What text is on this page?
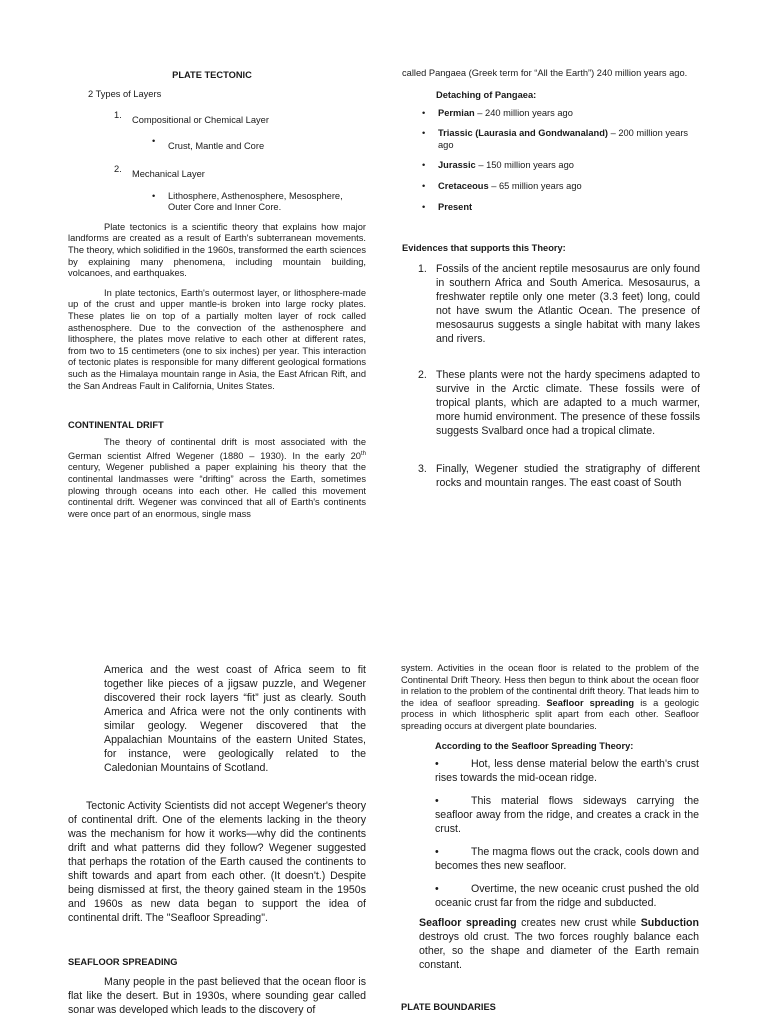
PLATE TECTONIC

2 Types of Layers

1. Compositional or Chemical Layer
• Crust, Mantle and Core
2. Mechanical Layer
• Lithosphere, Asthenosphere, Mesosphere, Outer Core and Inner Core.

Plate tectonics is a scientific theory that explains how major landforms are created as a result of Earth's subterranean movements. The theory, which solidified in the 1960s, transformed the earth sciences by explaining many phenomena, including mountain building, volcanoes, and earthquakes.

In plate tectonics, Earth's outermost layer, or lithosphere-made up of the crust and upper mantle-is broken into large rocky plates. These plates lie on top of a partially molten layer of rock called asthenosphere. Due to the convection of the asthenosphere and lithosphere, the plates move relative to each other at different rates, from two to 15 centimeters (one to six inches) per year. This interaction of tectonic plates is responsible for many different geological formations such as the Himalaya mountain range in Asia, the East African Rift, and the San Andreas Fault in California, Unites States.

CONTINENTAL DRIFT

The theory of continental drift is most associated with the German scientist Alfred Wegener (1880 – 1930). In the early 20th century, Wegener published a paper explaining his theory that the continental landmasses were “drifting” across the Earth, sometimes plowing through oceans into each other. He called this movement continental drift. Wegener was convinced that all of Earth's continents were once part of an enormous, single mass

called Pangaea (Greek term for “All the Earth”) 240 million years ago.

Detaching of Pangaea:

• Permian – 240 million years ago
• Triassic (Laurasia and Gondwanaland) – 200 million years ago
• Jurassic – 150 million years ago
• Cretaceous – 65 million years ago
• Present

Evidences that supports this Theory:

1. Fossils of the ancient reptile mesosaurus are only found in southern Africa and South America. Mesosaurus, a freshwater reptile only one meter (3.3 feet) long, could not have swum the Atlantic Ocean. The presence of mesosaurus suggests a single habitat with many lakes and rivers.

2. These plants were not the hardy specimens adapted to survive in the Arctic climate. These fossils were of tropical plants, which are adapted to a much warmer, more humid environment. The presence of these fossils suggests Svalbard once had a tropical climate.

3. Finally, Wegener studied the stratigraphy of different rocks and mountain ranges. The east coast of South

America and the west coast of Africa seem to fit together like pieces of a jigsaw puzzle, and Wegener discovered their rock layers “fit” just as clearly. South America and Africa were not the only continents with similar geology. Wegener discovered that the Appalachian Mountains of the eastern United States, for instance, were geologically related to the Caledonian Mountains of Scotland.

Tectonic Activity Scientists did not accept Wegener's theory of continental drift. One of the elements lacking in the theory was the mechanism for how it works—why did the continents drift and what patterns did they follow? Wegener suggested that perhaps the rotation of the Earth caused the continents to shift towards and apart from each other. (It doesn't.) Despite being dismissed at first, the theory gained steam in the 1950s and 1960s as new data began to support the idea of continental drift. The "Seafloor Spreading".

SEAFLOOR SPREADING

Many people in the past believed that the ocean floor is flat like the desert. But in 1930s, where sounding gear called sonar was developed which leads to the discovery of

system. Activities in the ocean floor is related to the problem of the Continental Drift Theory. Hess then begun to think about the ocean floor in relation to the problem of the continental drift theory. That leads him to the idea of seafloor spreading. Seafloor spreading is a geologic process in which lithospheric split apart from each other. Seafloor spreading occurs at divergent plate boundaries.

According to the Seafloor Spreading Theory:

•	Hot, less dense material below the earth's crust rises towards the mid-ocean ridge.

•	This material flows sideways carrying the seafloor away from the ridge, and creates a crack in the crust.

•	The magma flows out the crack, cools down and becomes thes new seafloor.

•	Overtime, the new oceanic crust pushed the old oceanic crust far from the ridge and subducted.

Seafloor spreading creates new crust while Subduction destroys old crust. The two forces roughly balance each other, so the shape and diameter of the Earth remain constant.

PLATE BOUNDARIES
